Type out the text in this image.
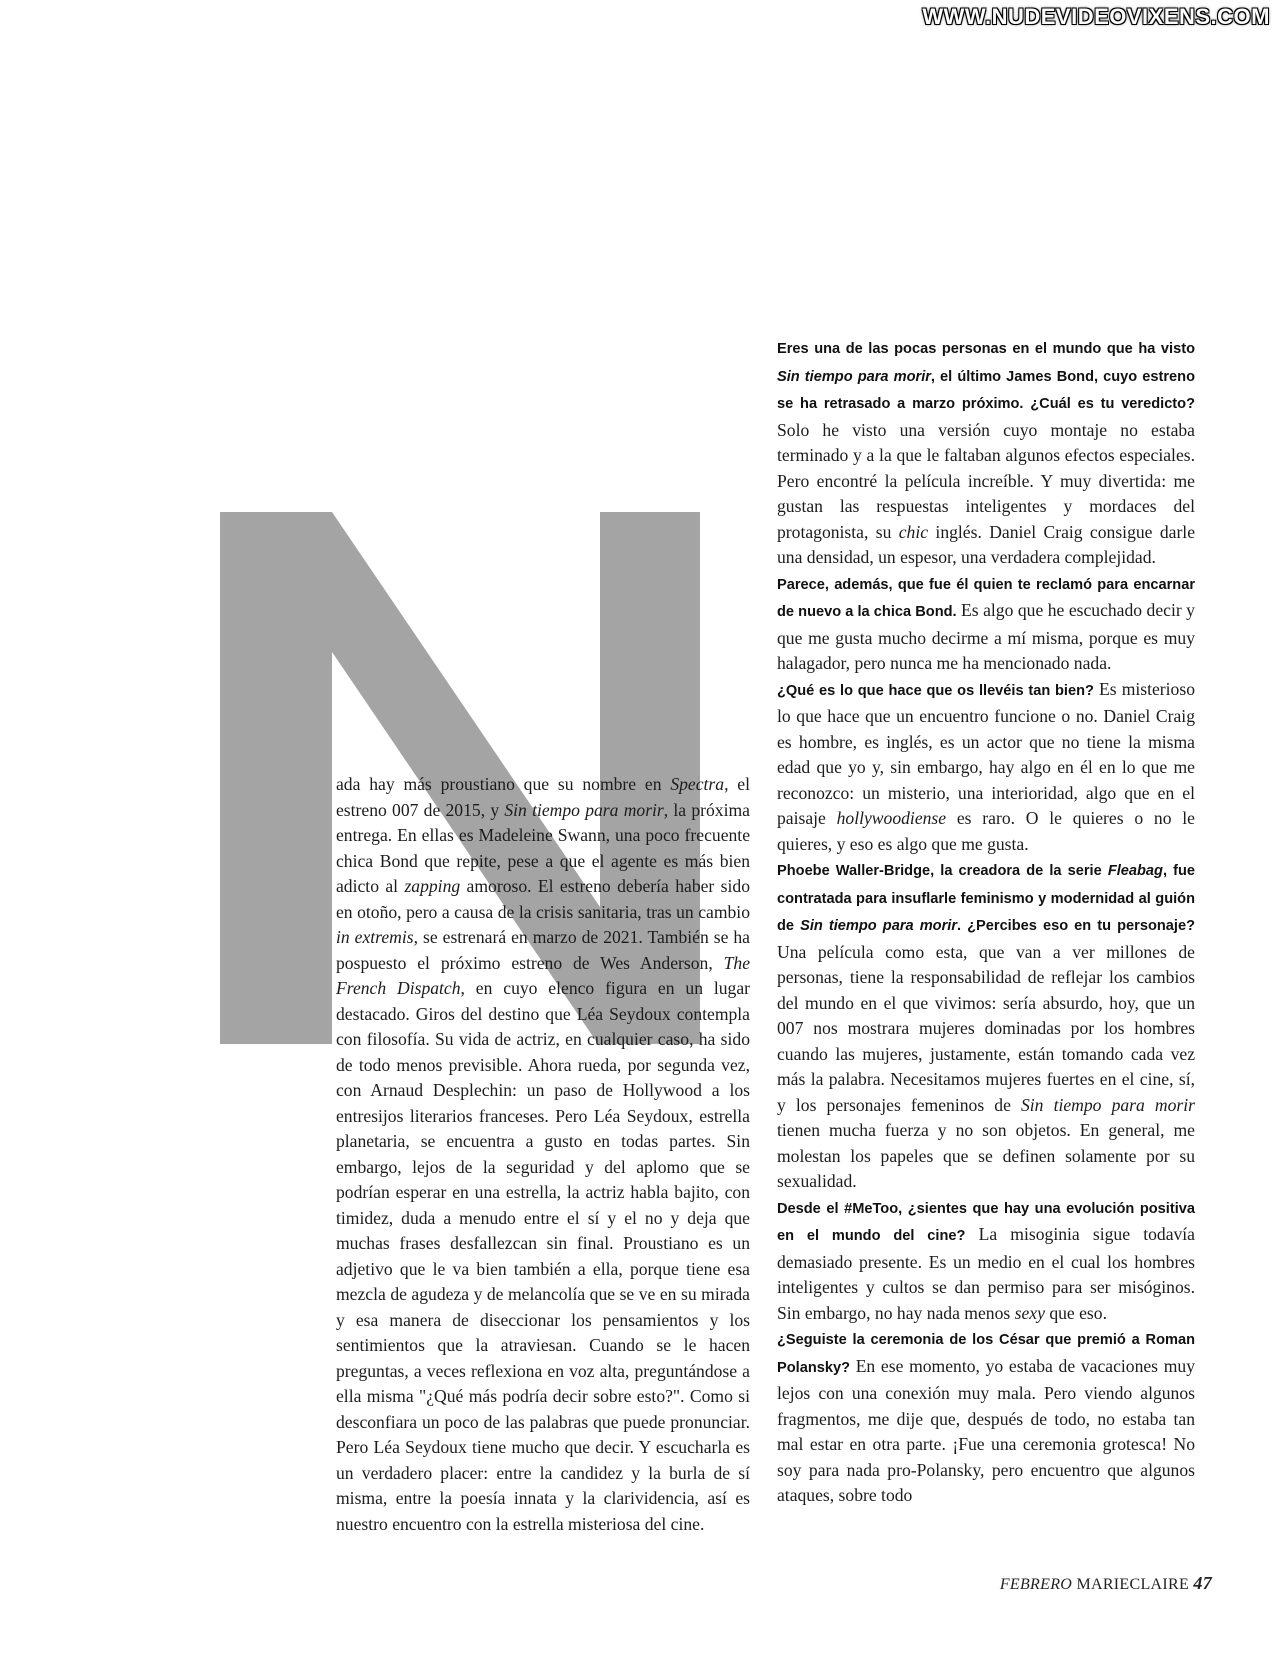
WWW.NUDEVIDEOVIXENS.COM

ada hay más proustiano que su nombre en Spectra, el estreno 007 de 2015, y Sin tiempo para morir, la próxima entrega. En ellas es Madeleine Swann, una poco frecuente chica Bond que repite, pese a que el agente es más bien adicto al zapping amoroso. El estreno debería haber sido en otoño, pero a causa de la crisis sanitaria, tras un cambio in extremis, se estrenará en marzo de 2021. También se ha pospuesto el próximo estreno de Wes Anderson, The French Dispatch, en cuyo elenco figura en un lugar destacado. Giros del destino que Léa Seydoux contempla con filosofía. Su vida de actriz, en cualquier caso, ha sido de todo menos previsible. Ahora rueda, por segunda vez, con Arnaud Desplechin: un paso de Hollywood a los entresijos literarios franceses. Pero Léa Seydoux, estrella planetaria, se encuentra a gusto en todas partes. Sin embargo, lejos de la seguridad y del aplomo que se podrían esperar en una estrella, la actriz habla bajito, con timidez, duda a menudo entre el sí y el no y deja que muchas frases desfallezcan sin final. Proustiano es un adjetivo que le va bien también a ella, porque tiene esa mezcla de agudeza y de melancolía que se ve en su mirada y esa manera de diseccionar los pensamientos y los sentimientos que la atraviesan. Cuando se le hacen preguntas, a veces reflexiona en voz alta, preguntándose a ella misma "¿Qué más podría decir sobre esto?". Como si desconfiara un poco de las palabras que puede pronunciar. Pero Léa Seydoux tiene mucho que decir. Y escucharla es un verdadero placer: entre la candidez y la burla de sí misma, entre la poesía innata y la clarividencia, así es nuestro encuentro con la estrella misteriosa del cine.

Eres una de las pocas personas en el mundo que ha visto Sin tiempo para morir, el último James Bond, cuyo estreno se ha retrasado a marzo próximo. ¿Cuál es tu veredicto? Solo he visto una versión cuyo montaje no estaba terminado y a la que le faltaban algunos efectos especiales. Pero encontré la película increíble. Y muy divertida: me gustan las respuestas inteligentes y mordaces del protagonista, su chic inglés. Daniel Craig consigue darle una densidad, un espesor, una verdadera complejidad.

Parece, además, que fue él quien te reclamó para encarnar de nuevo a la chica Bond. Es algo que he escuchado decir y que me gusta mucho decirme a mí misma, porque es muy halagador, pero nunca me ha mencionado nada.

¿Qué es lo que hace que os llevéis tan bien? Es misterioso lo que hace que un encuentro funcione o no. Daniel Craig es hombre, es inglés, es un actor que no tiene la misma edad que yo y, sin embargo, hay algo en él en lo que me reconozco: un misterio, una interioridad, algo que en el paisaje hollywoodiense es raro. O le quieres o no le quieres, y eso es algo que me gusta.

Phoebe Waller-Bridge, la creadora de la serie Fleabag, fue contratada para insuflarle feminismo y modernidad al guión de Sin tiempo para morir. ¿Percibes eso en tu personaje? Una película como esta, que van a ver millones de personas, tiene la responsabilidad de reflejar los cambios del mundo en el que vivimos: sería absurdo, hoy, que un 007 nos mostrara mujeres dominadas por los hombres cuando las mujeres, justamente, están tomando cada vez más la palabra. Necesitamos mujeres fuertes en el cine, sí, y los personajes femeninos de Sin tiempo para morir tienen mucha fuerza y no son objetos. En general, me molestan los papeles que se definen solamente por su sexualidad.

Desde el #MeToo, ¿sientes que hay una evolución positiva en el mundo del cine? La misoginia sigue todavía demasiado presente. Es un medio en el cual los hombres inteligentes y cultos se dan permiso para ser misóginos. Sin embargo, no hay nada menos sexy que eso.

¿Seguiste la ceremonia de los César que premió a Roman Polansky? En ese momento, yo estaba de vacaciones muy lejos con una conexión muy mala. Pero viendo algunos fragmentos, me dije que, después de todo, no estaba tan mal estar en otra parte. ¡Fue una ceremonia grotesca! No soy para nada pro-Polansky, pero encuentro que algunos ataques, sobre todo

FEBRERO MARIECLAIRE 47
